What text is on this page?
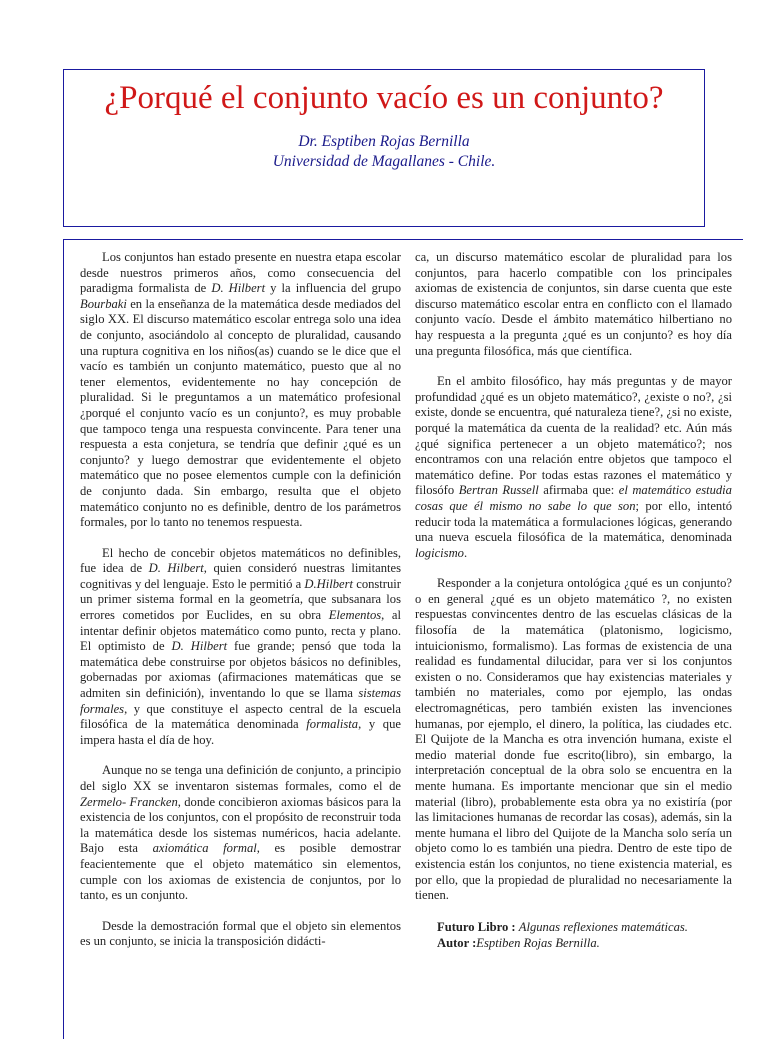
¿Porqué el conjunto vacío es un conjunto?
Dr. Esptiben Rojas Bernilla
Universidad de Magallanes - Chile.

Los conjuntos han estado presente en nuestra etapa escolar desde nuestros primeros años, como consecuencia del paradigma formalista de D. Hilbert y la influencia del grupo Bourbaki en la enseñanza de la matemática desde mediados del siglo XX. El discurso matemático escolar entrega solo una idea de conjunto, asociándolo al concepto de pluralidad, causando una ruptura cognitiva en los niños(as) cuando se le dice que el vacío es también un conjunto matemático, puesto que al no tener elementos, evidentemente no hay concepción de pluralidad. Si le preguntamos a un matemático profesional ¿porqué el conjunto vacío es un conjunto?, es muy probable que tampoco tenga una respuesta convincente. Para tener una respuesta a esta conjetura, se tendría que definir ¿qué es un conjunto? y luego demostrar que evidentemente el objeto matemático que no posee elementos cumple con la definición de conjunto dada. Sin embargo, resulta que el objeto matemático conjunto no es definible, dentro de los parámetros formales, por lo tanto no tenemos respuesta.

El hecho de concebir objetos matemáticos no definibles, fue idea de D. Hilbert, quien consideró nuestras limitantes cognitivas y del lenguaje. Esto le permitió a D.Hilbert construir un primer sistema formal en la geometría, que subsanara los errores cometidos por Euclides, en su obra Elementos, al intentar definir objetos matemático como punto, recta y plano. El optimisto de D. Hilbert fue grande; pensó que toda la matemática debe construirse por objetos básicos no definibles, gobernadas por axiomas (afirmaciones matemáticas que se admiten sin definición), inventando lo que se llama sistemas formales, y que constituye el aspecto central de la escuela filosófica de la matemática denominada formalista, y que impera hasta el día de hoy.

Aunque no se tenga una definición de conjunto, a principio del siglo XX se inventaron sistemas formales, como el de Zermelo- Francken, donde concibieron axiomas básicos para la existencia de los conjuntos, con el propósito de reconstruir toda la matemática desde los sistemas numéricos, hacia adelante. Bajo esta axiomática formal, es posible demostrar feacientemente que el objeto matemático sin elementos, cumple con los axiomas de existencia de conjuntos, por lo tanto, es un conjunto.

Desde la demostración formal que el objeto sin elementos es un conjunto, se inicia la transposición didácti-

ca, un discurso matemático escolar de pluralidad para los conjuntos, para hacerlo compatible con los principales axiomas de existencia de conjuntos, sin darse cuenta que este discurso matemático escolar entra en conflicto con el llamado conjunto vacío. Desde el ámbito matemático hilbertiano no hay respuesta a la pregunta ¿qué es un conjunto? es hoy día una pregunta filosófica, más que científica.

En el ambito filosófico, hay más preguntas y de mayor profundidad ¿qué es un objeto matemático?, ¿existe o no?, ¿si existe, donde se encuentra, qué naturaleza tiene?, ¿si no existe, porqué la matemática da cuenta de la realidad? etc. Aún más ¿qué significa pertenecer a un objeto matemático?; nos encontramos con una relación entre objetos que tampoco el matemático define. Por todas estas razones el matemático y filosófo Bertran Russell afirmaba que: el matemático estudia cosas que él mismo no sabe lo que son; por ello, intentó reducir toda la matemática a formulaciones lógicas, generando una nueva escuela filosófica de la matemática, denominada logicismo.

Responder a la conjetura ontológica ¿qué es un conjunto? o en general ¿qué es un objeto matemático ?, no existen respuestas convincentes dentro de las escuelas clásicas de la filosofía de la matemática (platonismo, logicismo, intuicionismo, formalismo). Las formas de existencia de una realidad es fundamental dilucidar, para ver si los conjuntos existen o no. Consideramos que hay existencias materiales y también no materiales, como por ejemplo, las ondas electromagnéticas, pero también existen las invenciones humanas, por ejemplo, el dinero, la política, las ciudades etc. El Quijote de la Mancha es otra invención humana, existe el medio material donde fue escrito(libro), sin embargo, la interpretación conceptual de la obra solo se encuentra en la mente humana. Es importante mencionar que sin el medio material (libro), probablemente esta obra ya no existiría (por las limitaciones humanas de recordar las cosas), además, sin la mente humana el libro del Quijote de la Mancha solo sería un objeto como lo es también una piedra. Dentro de este tipo de existencia están los conjuntos, no tiene existencia material, es por ello, que la propiedad de pluralidad no necesariamente la tienen.

Futuro Libro : Algunas reflexiones matemáticas.
Autor :Esptiben Rojas Bernilla.
